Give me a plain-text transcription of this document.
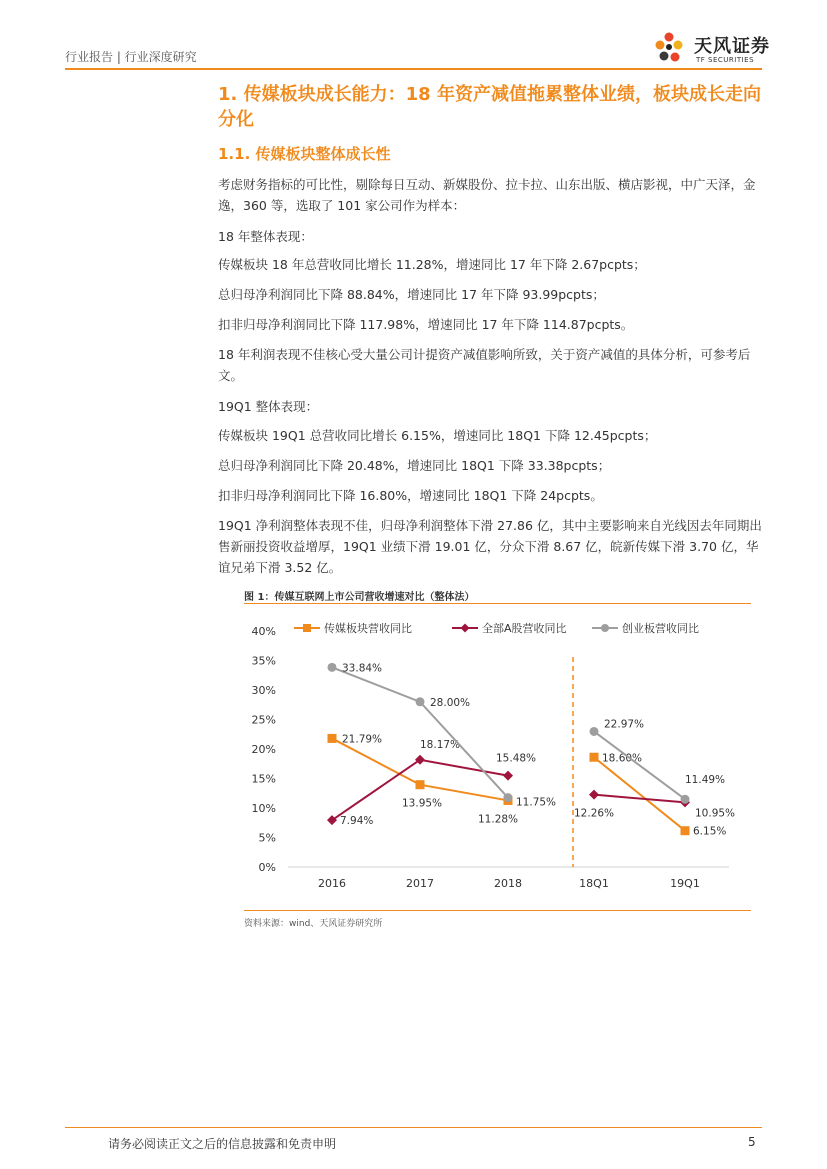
行业报告 | 行业深度研究	天风证券
TF SECURITIES
1. 传媒板块成长能力：18 年资产减值拖累整体业绩，板块成长走向分化
1.1. 传媒板块整体成长性
考虑财务指标的可比性，剔除每日互动、新媒股份、拉卡拉、山东出版、横店影视，中广天泽，金逸，360 等，选取了 101 家公司作为样本：
18 年整体表现：
传媒板块 18 年总营收同比增长 11.28%，增速同比 17 年下降 2.67pcpts；
总归母净利润同比下降 88.84%，增速同比 17 年下降 93.99pcpts；
扣非归母净利润同比下降 117.98%，增速同比 17 年下降 114.87pcpts。
18 年利润表现不佳核心受大量公司计提资产减值影响所致，关于资产减值的具体分析，可参考后文。
19Q1 整体表现：
传媒板块 19Q1 总营收同比增长 6.15%，增速同比 18Q1 下降 12.45pcpts；
总归母净利润同比下降 20.48%，增速同比 18Q1 下降 33.38pcpts；
扣非归母净利润同比下降 16.80%，增速同比 18Q1 下降 24pcpts。
19Q1 净利润整体表现不佳，归母净利润整体下滑 27.86 亿，其中主要影响来自光线因去年同期出售新丽投资收益增厚，19Q1 业绩下滑 19.01 亿，分众下滑 8.67 亿，皖新传媒下滑 3.70 亿，华谊兄弟下滑 3.52 亿。
图 1：传媒互联网上市公司营收增速对比（整体法）
0%
5%
10%
15%
20%
25%
30%
35%
40%
2016	2017	2018	18Q1	19Q1
21.79%
13.95%
11.28%
18.60%
6.15%
7.94%
18.17%
15.48%
12.26%	10.95%
33.84%
28.00%
11.75%
22.97%
11.49%
传媒板块营收同比	全部A股营收同比	创业板营收同比
资料来源：wind、天风证券研究所
请务必阅读正文之后的信息披露和免责申明	5
